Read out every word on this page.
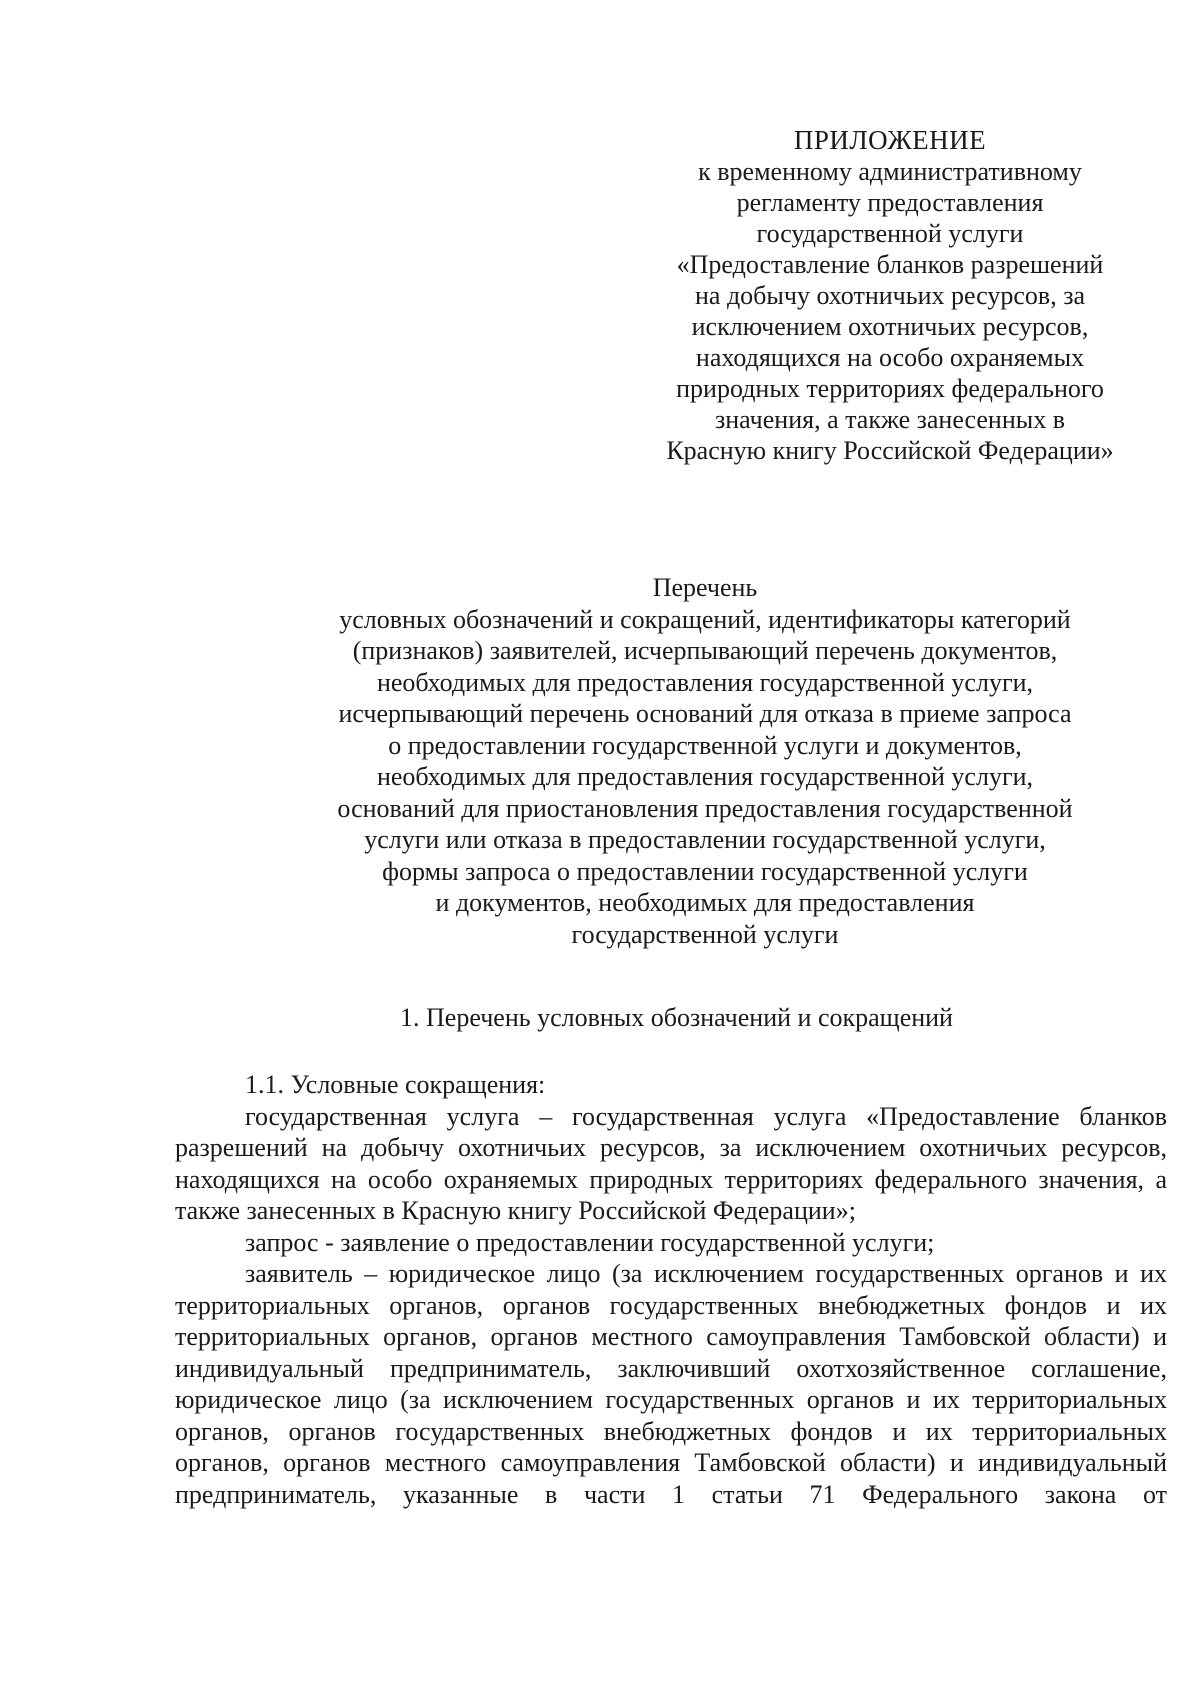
ПРИЛОЖЕНИЕ
к временному административному
регламенту предоставления
государственной услуги
«Предоставление бланков разрешений
на добычу охотничьих ресурсов, за
исключением охотничьих ресурсов,
находящихся на особо охраняемых
природных территориях федерального
значения, а также занесенных в
Красную книгу Российской Федерации»
Перечень
условных обозначений и сокращений, идентификаторы категорий
(признаков) заявителей, исчерпывающий перечень документов,
необходимых для предоставления государственной услуги,
исчерпывающий перечень оснований для отказа в приеме запроса
о предоставлении государственной услуги и документов,
необходимых для предоставления государственной услуги,
оснований для приостановления предоставления государственной
услуги или отказа в предоставлении государственной услуги,
формы запроса о предоставлении государственной услуги
и документов, необходимых для предоставления
государственной услуги
1. Перечень условных обозначений и сокращений
1.1. Условные сокращения:

государственная услуга – государственная услуга «Предоставление бланков разрешений на добычу охотничьих ресурсов, за исключением охотничьих ресурсов, находящихся на особо охраняемых природных территориях федерального значения, а также занесенных в Красную книгу Российской Федерации»;

запрос - заявление о предоставлении государственной услуги;

заявитель – юридическое лицо (за исключением государственных органов и их территориальных органов, органов государственных внебюджетных фондов и их территориальных органов, органов местного самоуправления Тамбовской области) и индивидуальный предприниматель, заключивший охотхозяйственное соглашение, юридическое лицо (за исключением государственных органов и их территориальных органов, органов государственных внебюджетных фондов и их территориальных органов, органов местного самоуправления Тамбовской области) и индивидуальный предприниматель, указанные в части 1 статьи 71 Федерального закона от
